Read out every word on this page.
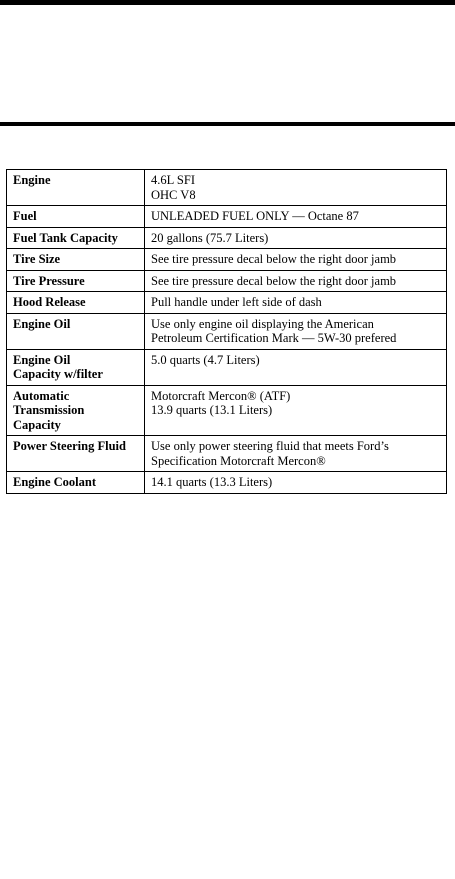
Engine	4.6L SFI
OHC V8

Fuel	UNLEADED FUEL ONLY — Octane 87

Fuel Tank Capacity	20 gallons (75.7 Liters)

Tire Size	See tire pressure decal below the right door jamb

Tire Pressure	See tire pressure decal below the right door jamb

Hood Release	Pull handle under left side of dash

Engine Oil	Use only engine oil displaying the American
Petroleum Certification Mark — 5W-30 prefered

Engine Oil
Capacity w/filter	5.0 quarts (4.7 Liters)

Automatic
Transmission
Capacity	Motorcraft Mercon® (ATF)
13.9 quarts (13.1 Liters)

Power Steering Fluid	Use only power steering fluid that meets Ford’s
Specification Motorcraft Mercon®

Engine Coolant	14.1 quarts (13.3 Liters)
